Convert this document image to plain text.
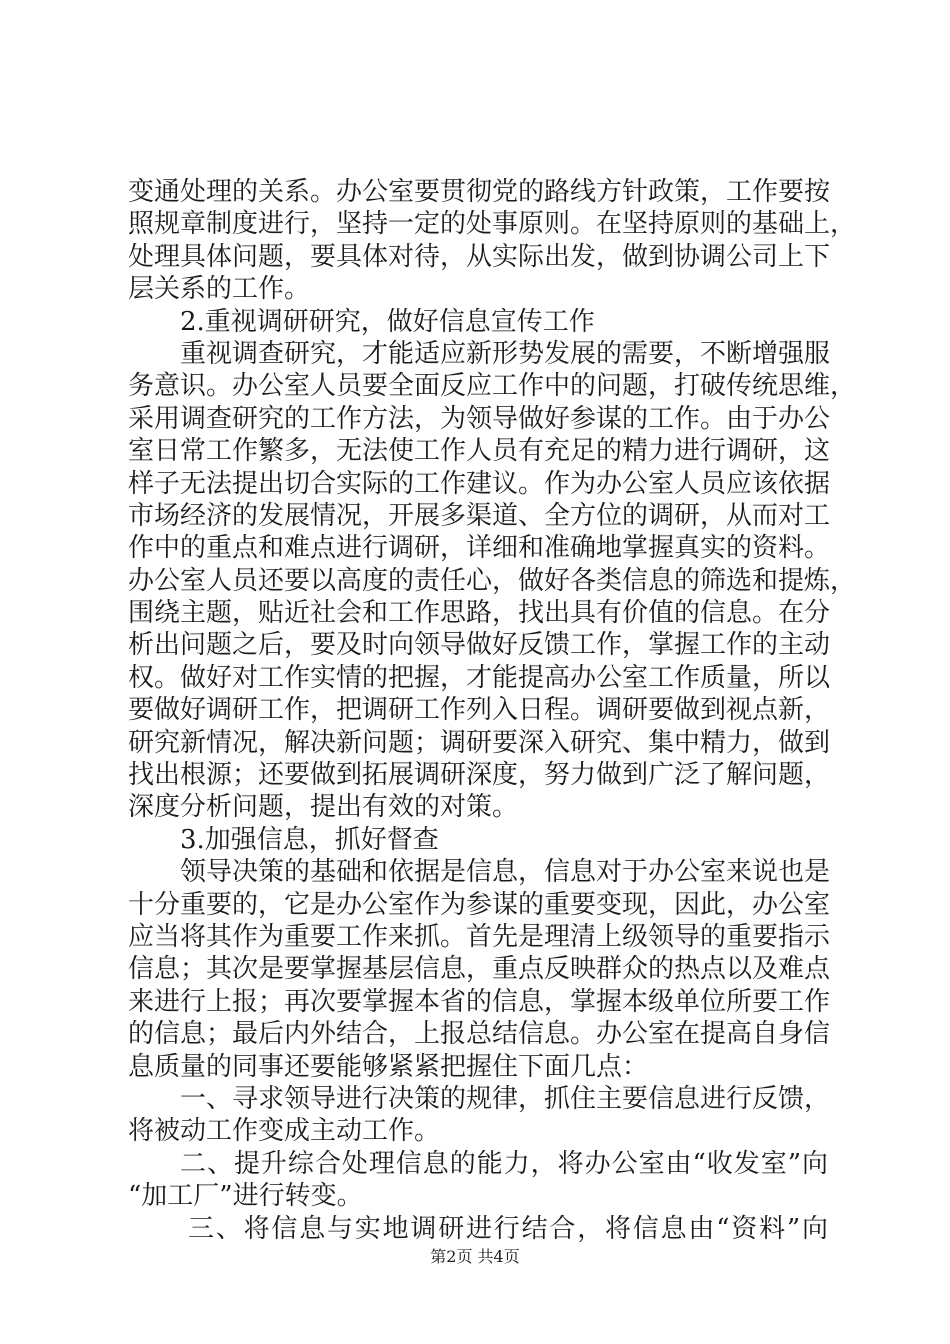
变通处理的关系。办公室要贯彻党的路线方针政策，工作要按
照规章制度进行，坚持一定的处事原则。在坚持原则的基础上，
处理具体问题，要具体对待，从实际出发，做到协调公司上下
层关系的工作。
2.重视调研研究，做好信息宣传工作
重视调查研究，才能适应新形势发展的需要，不断增强服
务意识。办公室人员要全面反应工作中的问题，打破传统思维，
采用调查研究的工作方法，为领导做好参谋的工作。由于办公
室日常工作繁多，无法使工作人员有充足的精力进行调研，这
样子无法提出切合实际的工作建议。作为办公室人员应该依据
市场经济的发展情况，开展多渠道、全方位的调研，从而对工
作中的重点和难点进行调研，详细和准确地掌握真实的资料。
办公室人员还要以高度的责任心，做好各类信息的筛选和提炼，
围绕主题，贴近社会和工作思路，找出具有价值的信息。在分
析出问题之后，要及时向领导做好反馈工作，掌握工作的主动
权。做好对工作实情的把握，才能提高办公室工作质量，所以
要做好调研工作，把调研工作列入日程。调研要做到视点新，
研究新情况，解决新问题；调研要深入研究、集中精力，做到
找出根源；还要做到拓展调研深度，努力做到广泛了解问题，
深度分析问题，提出有效的对策。
3.加强信息，抓好督查
领导决策的基础和依据是信息，信息对于办公室来说也是
十分重要的，它是办公室作为参谋的重要变现，因此，办公室
应当将其作为重要工作来抓。首先是理清上级领导的重要指示
信息；其次是要掌握基层信息，重点反映群众的热点以及难点
来进行上报；再次要掌握本省的信息，掌握本级单位所要工作
的信息；最后内外结合，上报总结信息。办公室在提高自身信
息质量的同事还要能够紧紧把握住下面几点：
一、寻求领导进行决策的规律，抓住主要信息进行反馈，
将被动工作变成主动工作。
二、提升综合处理信息的能力，将办公室由“收发室”向
“加工厂”进行转变。
三、将信息与实地调研进行结合，将信息由“资料”向
第2页 共4页
